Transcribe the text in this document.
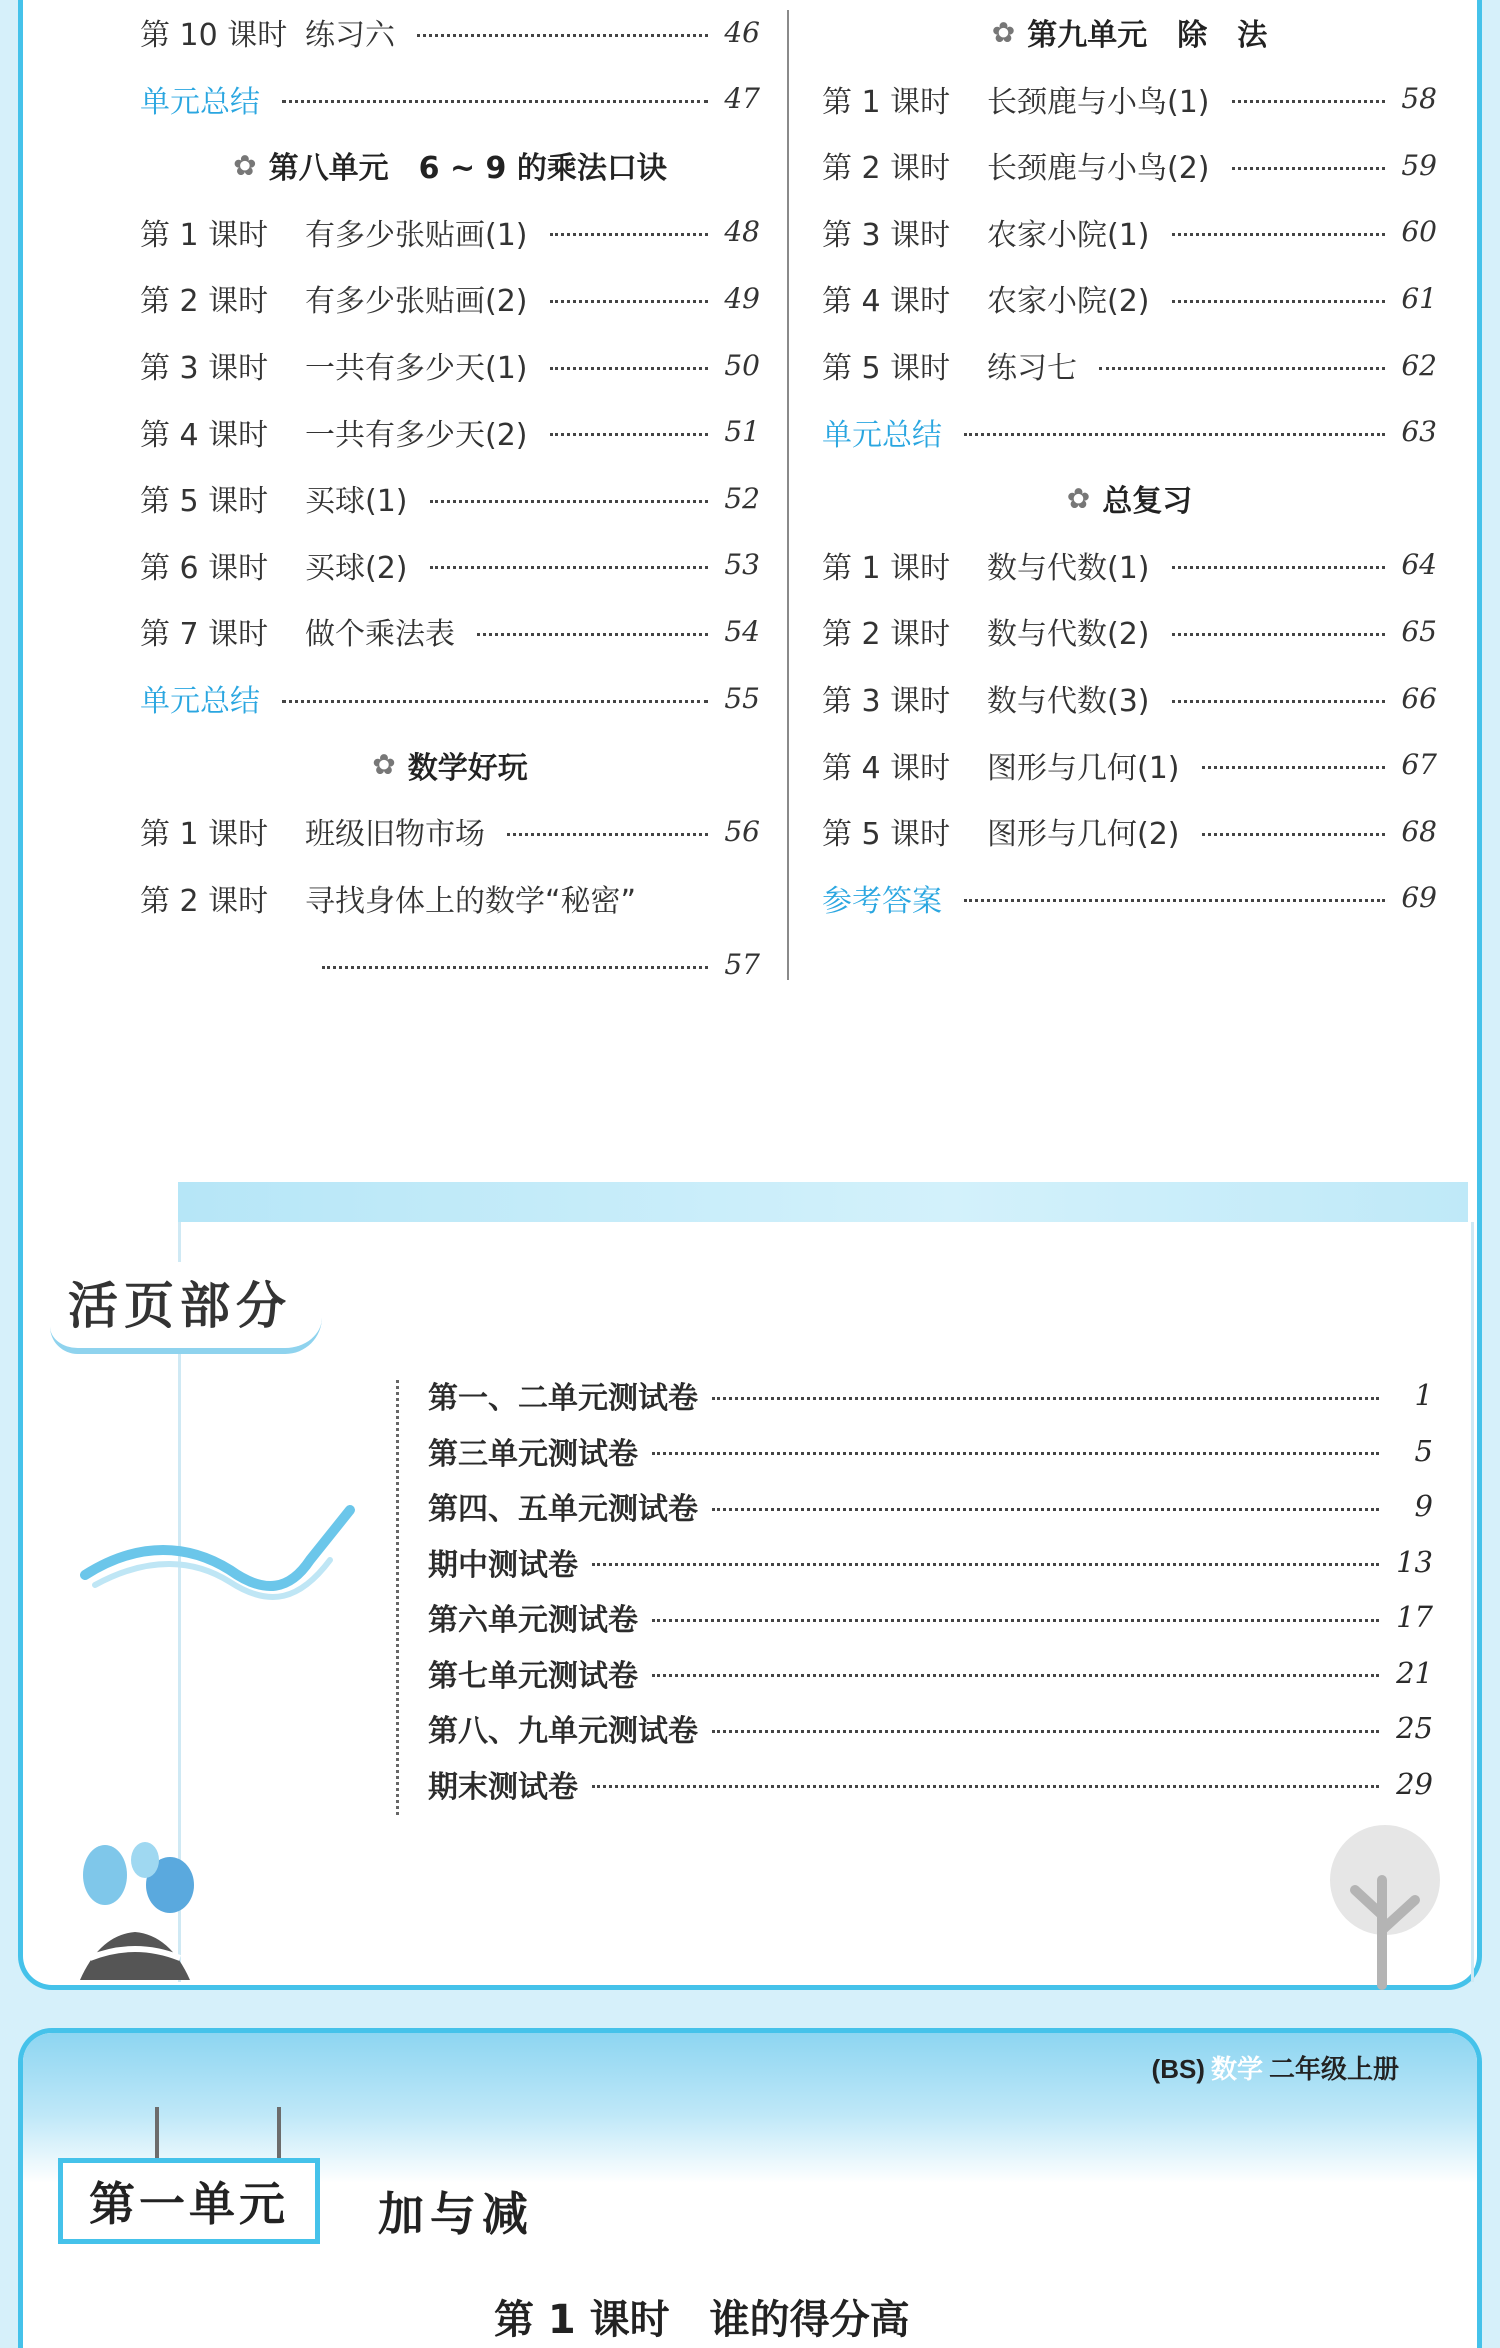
第 10 课时 练习六	46
单元总结	47
✿ 第八单元　6 ~ 9 的乘法口诀
第 1 课时	有多少张贴画(1)	48
第 2 课时	有多少张贴画(2)	49
第 3 课时	一共有多少天(1)	50
第 4 课时	一共有多少天(2)	51
第 5 课时	买球(1)	52
第 6 课时	买球(2)	53
第 7 课时	做个乘法表	54
单元总结	55
✿ 数学好玩
第 1 课时	班级旧物市场	56
第 2 课时	寻找身体上的数学“秘密”
57
✿ 第九单元　除　法
第 1 课时	长颈鹿与小鸟(1)	58
第 2 课时	长颈鹿与小鸟(2)	59
第 3 课时	农家小院(1)	60
第 4 课时	农家小院(2)	61
第 5 课时	练习七	62
单元总结	63
✿ 总复习
第 1 课时	数与代数(1)	64
第 2 课时	数与代数(2)	65
第 3 课时	数与代数(3)	66
第 4 课时	图形与几何(1)	67
第 5 课时	图形与几何(2)	68
参考答案	69
活页部分
第一、二单元测试卷	1
第三单元测试卷	5
第四、五单元测试卷	9
期中测试卷	13
第六单元测试卷	17
第七单元测试卷	21
第八、九单元测试卷	25
期末测试卷	29
(BS) 数学 二年级上册
第一单元	加与减
第 1 课时　谁的得分高
